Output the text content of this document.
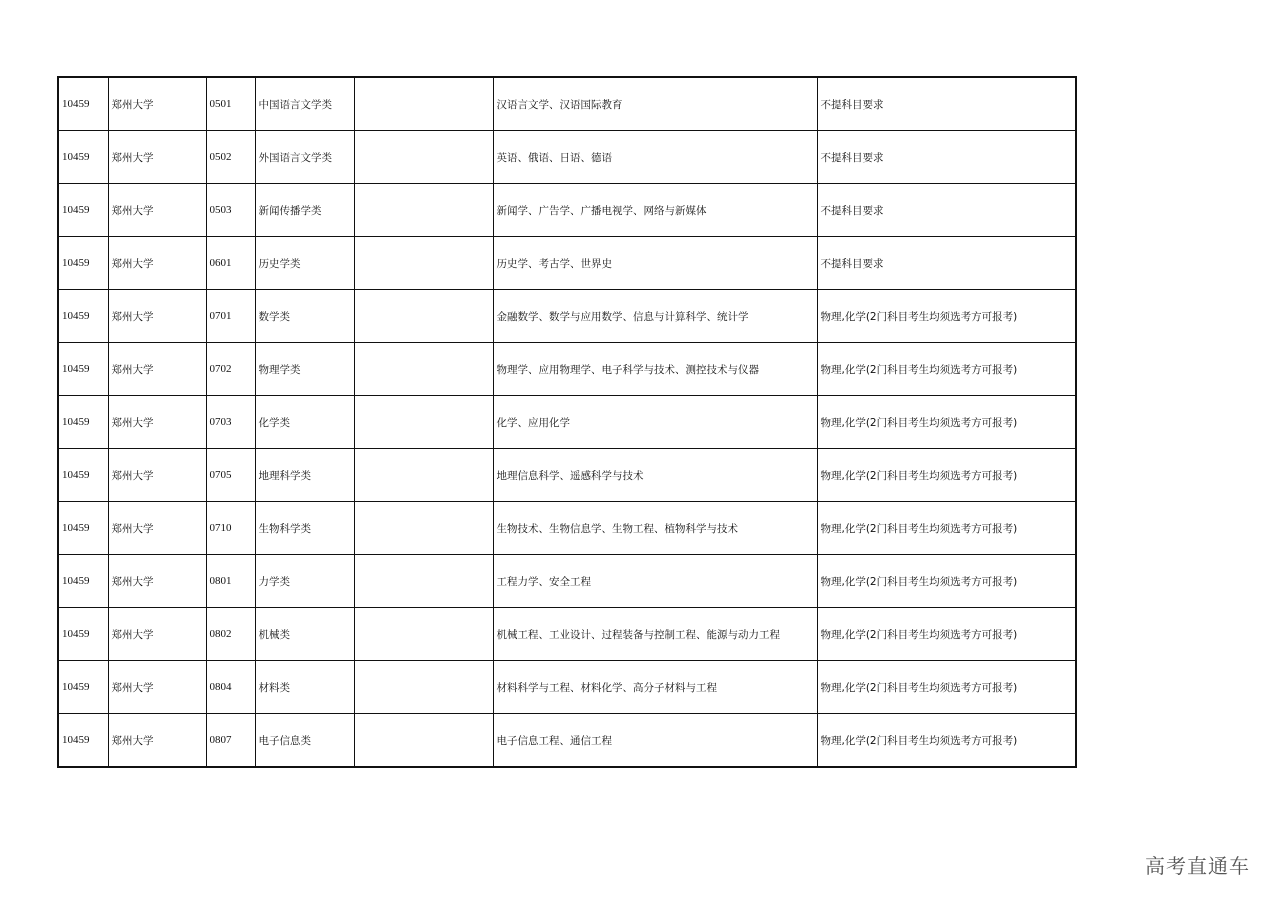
10459	郑州大学	0501	中国语言文学类		汉语言文学、汉语国际教育	不提科目要求
10459	郑州大学	0502	外国语言文学类		英语、俄语、日语、德语	不提科目要求
10459	郑州大学	0503	新闻传播学类		新闻学、广告学、广播电视学、网络与新媒体	不提科目要求
10459	郑州大学	0601	历史学类		历史学、考古学、世界史	不提科目要求
10459	郑州大学	0701	数学类		金融数学、数学与应用数学、信息与计算科学、统计学	物理,化学(2门科目考生均须选考方可报考)
10459	郑州大学	0702	物理学类		物理学、应用物理学、电子科学与技术、测控技术与仪器	物理,化学(2门科目考生均须选考方可报考)
10459	郑州大学	0703	化学类		化学、应用化学	物理,化学(2门科目考生均须选考方可报考)
10459	郑州大学	0705	地理科学类		地理信息科学、遥感科学与技术	物理,化学(2门科目考生均须选考方可报考)
10459	郑州大学	0710	生物科学类		生物技术、生物信息学、生物工程、植物科学与技术	物理,化学(2门科目考生均须选考方可报考)
10459	郑州大学	0801	力学类		工程力学、安全工程	物理,化学(2门科目考生均须选考方可报考)
10459	郑州大学	0802	机械类		机械工程、工业设计、过程装备与控制工程、能源与动力工程	物理,化学(2门科目考生均须选考方可报考)
10459	郑州大学	0804	材料类		材料科学与工程、材料化学、高分子材料与工程	物理,化学(2门科目考生均须选考方可报考)
10459	郑州大学	0807	电子信息类		电子信息工程、通信工程	物理,化学(2门科目考生均须选考方可报考)
高考直通车
